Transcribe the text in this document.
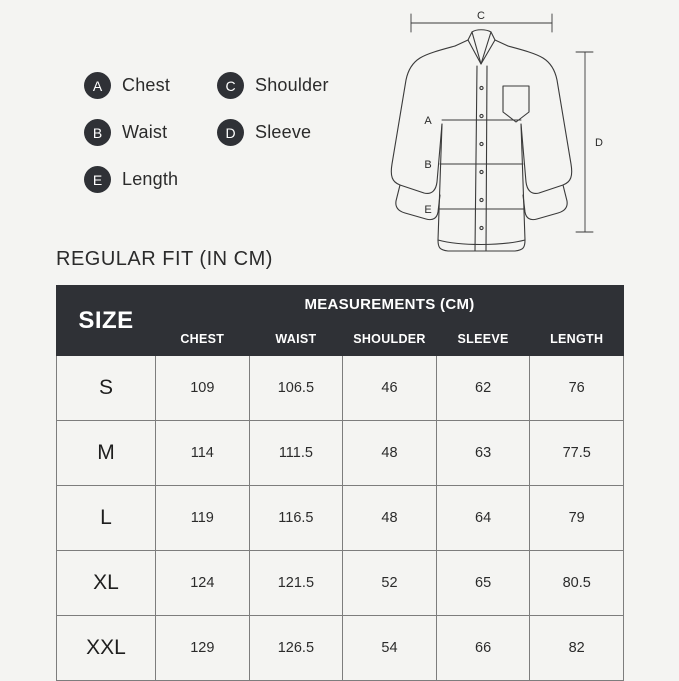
A	Chest	C	Shoulder
B	Waist	D	Sleeve
E	Length
A
B
C
D
E
REGULAR FIT (IN CM)
SIZE	MEASUREMENTS (CM)				
	CHEST	WAIST	SHOULDER	SLEEVE	LENGTH
S	109	106.5	46	62	76
M	114	111.5	48	63	77.5
L	119	116.5	48	64	79
XL	124	121.5	52	65	80.5
XXL	129	126.5	54	66	82
